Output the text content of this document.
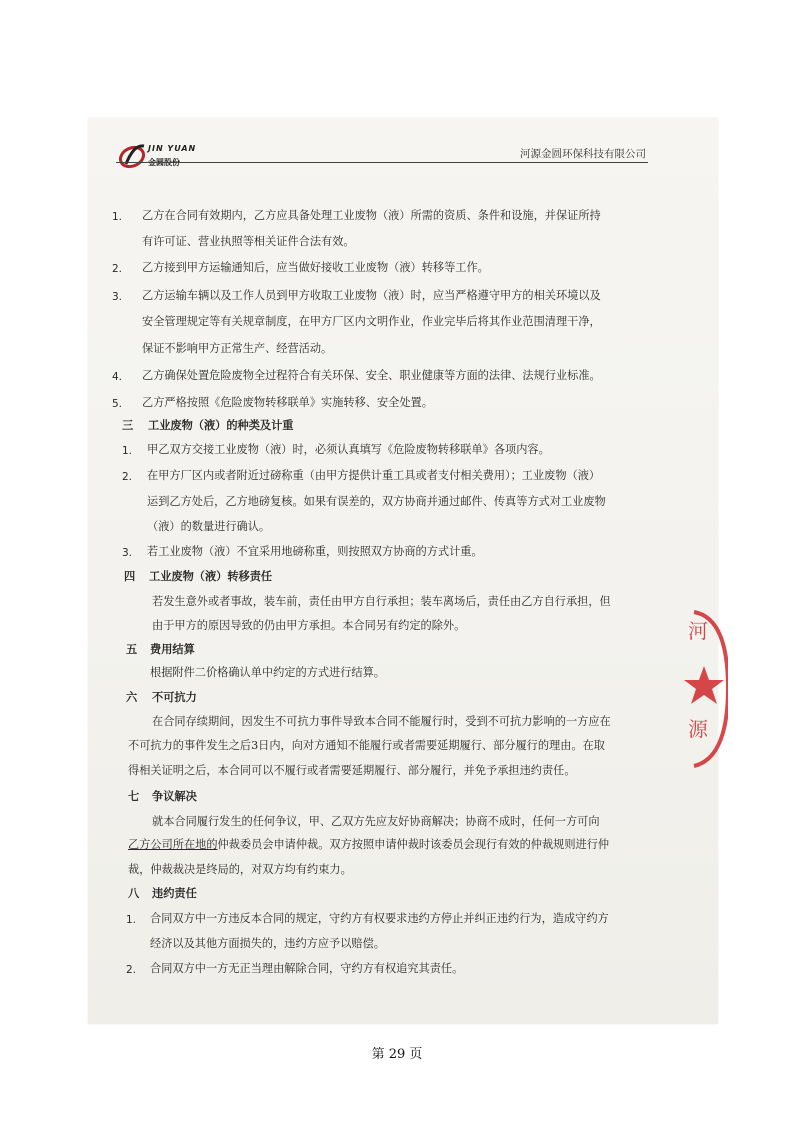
JIN YUAN	河源金圆环保科技有限公司
1. 乙方在合同有效期内，乙方应具备处理工业废物（液）所需的资质、条件和设施，并保证所持
有许可证、营业执照等相关证件合法有效。
2. 乙方接到甲方运输通知后，应当做好接收工业废物（液）转移等工作。
3. 乙方运输车辆以及工作人员到甲方收取工业废物（液）时，应当严格遵守甲方的相关环境以及
安全管理规定等有关规章制度，在甲方厂区内文明作业，作业完毕后将其作业范围清理干净，
保证不影响甲方正常生产、经营活动。
4. 乙方确保处置危险废物全过程符合有关环保、安全、职业健康等方面的法律、法规行业标准。
5. 乙方严格按照《危险废物转移联单》实施转移、安全处置。
三 工业废物（液）的种类及计重
1. 甲乙双方交接工业废物（液）时，必须认真填写《危险废物转移联单》各项内容。
2. 在甲方厂区内或者附近过磅称重（由甲方提供计重工具或者支付相关费用）；工业废物（液）
运到乙方处后，乙方地磅复核。如果有误差的，双方协商并通过邮件、传真等方式对工业废物
（液）的数量进行确认。
3. 若工业废物（液）不宜采用地磅称重，则按照双方协商的方式计重。
四 工业废物（液）转移责任
若发生意外或者事故，装车前，责任由甲方自行承担；装车离场后，责任由乙方自行承担，但
由于甲方的原因导致的仍由甲方承担。本合同另有约定的除外。
五 费用结算
根据附件二价格确认单中约定的方式进行结算。
六 不可抗力
在合同存续期间，因发生不可抗力事件导致本合同不能履行时，受到不可抗力影响的一方应在
不可抗力的事件发生之后3日内，向对方通知不能履行或者需要延期履行、部分履行的理由。在取
得相关证明之后，本合同可以不履行或者需要延期履行、部分履行，并免予承担违约责任。
七 争议解决
就本合同履行发生的任何争议，甲、乙双方先应友好协商解决；协商不成时，任何一方可向
乙方公司所在地的仲裁委员会申请仲裁。双方按照申请仲裁时该委员会现行有效的仲裁规则进行仲
裁，仲裁裁决是终局的，对双方均有约束力。
八 违约责任
1. 合同双方中一方违反本合同的规定，守约方有权要求违约方停止并纠正违约行为，造成守约方
经济以及其他方面损失的，违约方应予以赔偿。
2. 合同双方中一方无正当理由解除合同，守约方有权追究其责任。
河
源
第 29 页
